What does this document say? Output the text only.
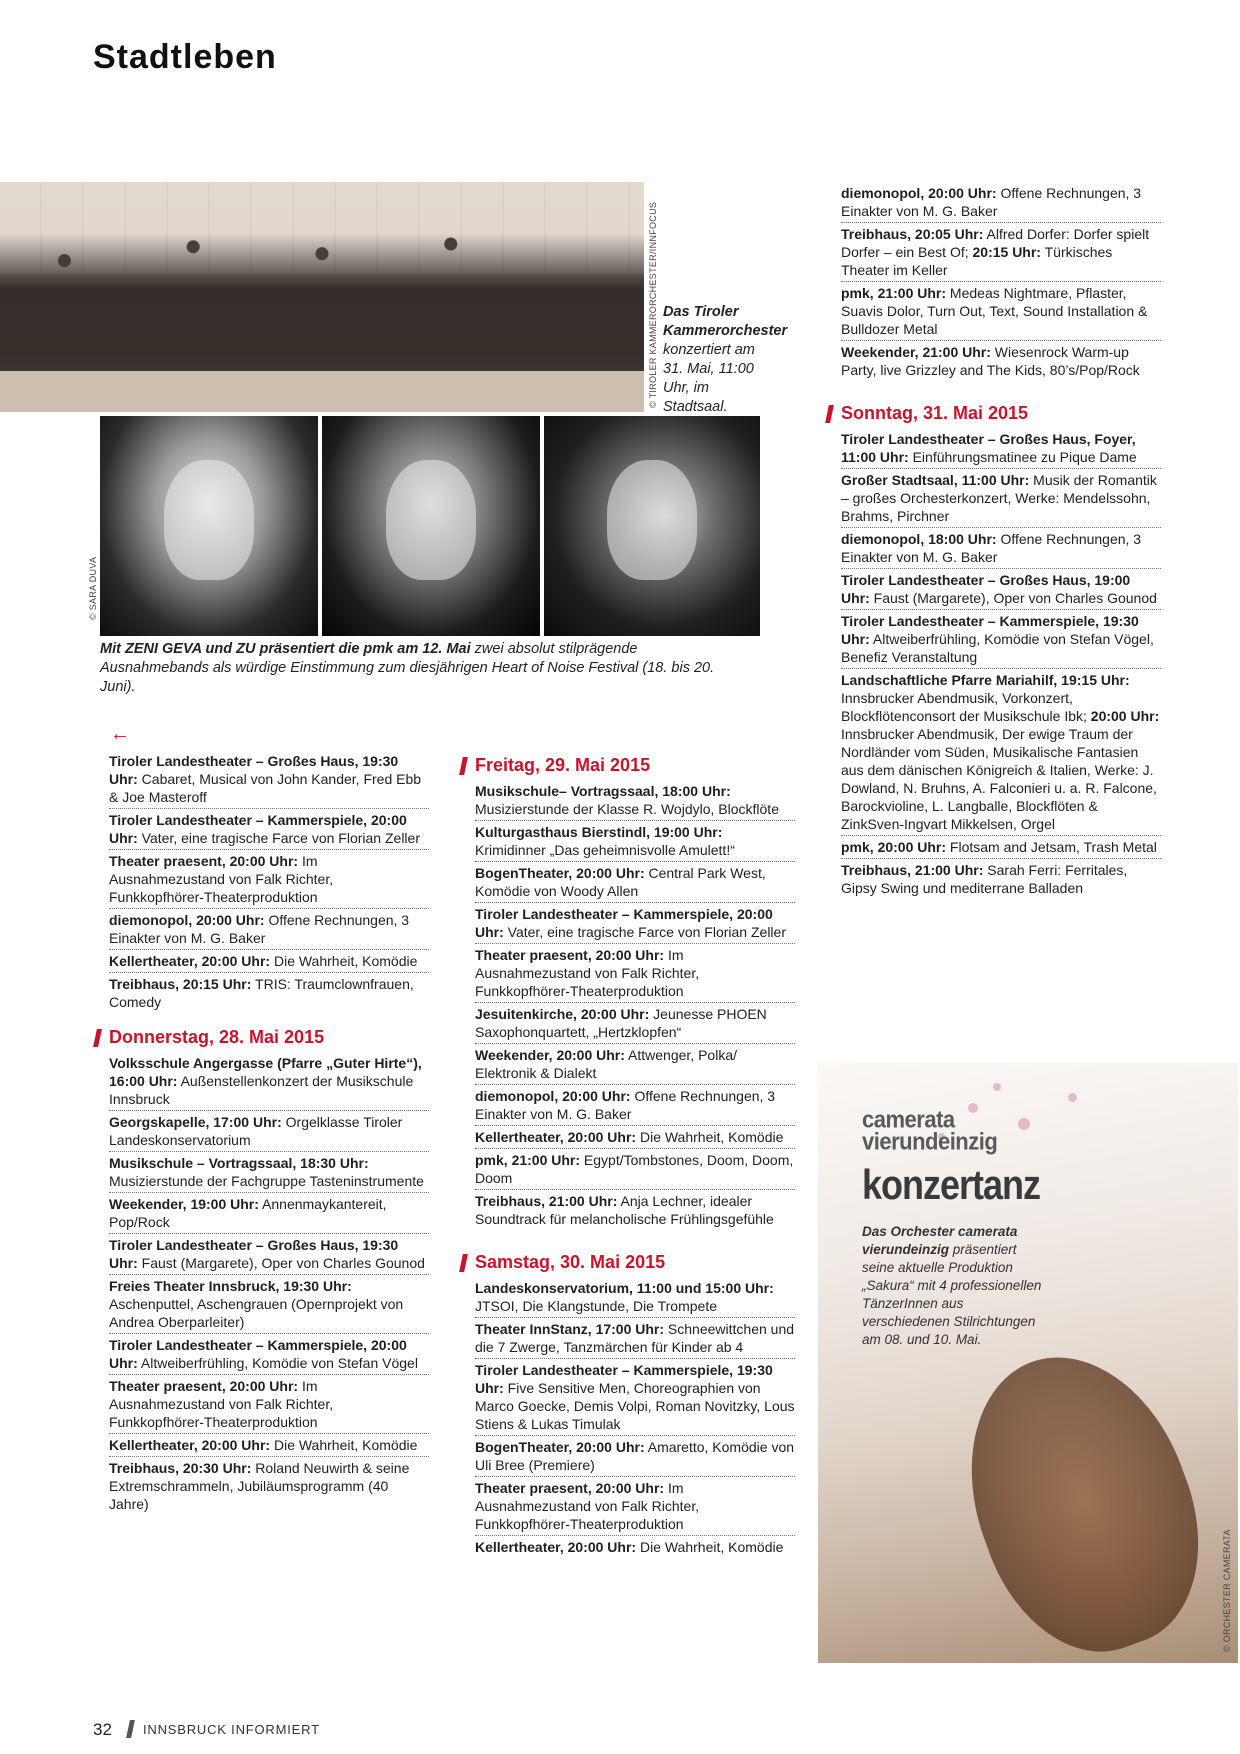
Stadtleben
© TIROLER KAMMERORCHESTER/INNFOCUS Das Tiroler Kammerorchester konzertiert am 31. Mai, 11:00 Uhr, im Stadtsaal.
© SARA DUVA
Mit ZENI GEVA und ZU präsentiert die pmk am 12. Mai zwei absolut stilprägende Ausnahmebands als würdige Einstimmung zum diesjährigen Heart of Noise Festival (18. bis 20. Juni).
←
Tiroler Landestheater – Großes Haus, 19:30 Uhr: Cabaret, Musical von John Kander, Fred Ebb & Joe Masteroff
Tiroler Landestheater – Kammerspiele, 20:00 Uhr: Vater, eine tragische Farce von Florian Zeller
Theater praesent, 20:00 Uhr: Im Ausnahmezustand von Falk Richter, Funkkopfhörer-Theaterproduktion
diemonopol, 20:00 Uhr: Offene Rechnungen, 3 Einakter von M. G. Baker
Kellertheater, 20:00 Uhr: Die Wahrheit, Komödie
Treibhaus, 20:15 Uhr: TRIS: Traumclownfrauen, Comedy
Donnerstag, 28. Mai 2015
Volksschule Angergasse (Pfarre „Guter Hirte“), 16:00 Uhr: Außenstellenkonzert der Musikschule Innsbruck
Georgskapelle, 17:00 Uhr: Orgelklasse Tiroler Landeskonservatorium
Musikschule – Vortragssaal, 18:30 Uhr: Musizierstunde der Fachgruppe Tasteninstrumente
Weekender, 19:00 Uhr: Annenmaykantereit, Pop/Rock
Tiroler Landestheater – Großes Haus, 19:30 Uhr: Faust (Margarete), Oper von Charles Gounod
Freies Theater Innsbruck, 19:30 Uhr: Aschenputtel, Aschengrauen (Opernprojekt von Andrea Oberparleiter)
Tiroler Landestheater – Kammerspiele, 20:00 Uhr: Altweiberfrühling, Komödie von Stefan Vögel
Theater praesent, 20:00 Uhr: Im Ausnahmezustand von Falk Richter, Funkkopfhörer-Theaterproduktion
Kellertheater, 20:00 Uhr: Die Wahrheit, Komödie
Treibhaus, 20:30 Uhr: Roland Neuwirth & seine Extremschrammeln, Jubiläumsprogramm (40 Jahre)
Freitag, 29. Mai 2015
Musikschule– Vortragssaal, 18:00 Uhr: Musizierstunde der Klasse R. Wojdylo, Blockflöte
Kulturgasthaus Bierstindl, 19:00 Uhr: Krimidinner „Das geheimnisvolle Amulett!“
BogenTheater, 20:00 Uhr: Central Park West, Komödie von Woody Allen
Tiroler Landestheater – Kammerspiele, 20:00 Uhr: Vater, eine tragische Farce von Florian Zeller
Theater praesent, 20:00 Uhr: Im Ausnahmezustand von Falk Richter, Funkkopfhörer-Theaterproduktion
Jesuitenkirche, 20:00 Uhr: Jeunesse PHOEN Saxophonquartett, „Hertzklopfen“
Weekender, 20:00 Uhr: Attwenger, Polka/ Elektronik & Dialekt
diemonopol, 20:00 Uhr: Offene Rechnungen, 3 Einakter von M. G. Baker
Kellertheater, 20:00 Uhr: Die Wahrheit, Komödie
pmk, 21:00 Uhr: Egypt/Tombstones, Doom, Doom, Doom
Treibhaus, 21:00 Uhr: Anja Lechner, idealer Soundtrack für melancholische Frühlingsgefühle
Samstag, 30. Mai 2015
Landeskonservatorium, 11:00 und 15:00 Uhr: JTSOI, Die Klangstunde, Die Trompete
Theater InnStanz, 17:00 Uhr: Schneewittchen und die 7 Zwerge, Tanzmärchen für Kinder ab 4
Tiroler Landestheater – Kammerspiele, 19:30 Uhr: Five Sensitive Men, Choreographien von Marco Goecke, Demis Volpi, Roman Novitzky, Lous Stiens & Lukas Timulak
BogenTheater, 20:00 Uhr: Amaretto, Komödie von Uli Bree (Premiere)
Theater praesent, 20:00 Uhr: Im Ausnahmezustand von Falk Richter, Funkkopfhörer-Theaterproduktion
Kellertheater, 20:00 Uhr: Die Wahrheit, Komödie
diemonopol, 20:00 Uhr: Offene Rechnungen, 3 Einakter von M. G. Baker
Treibhaus, 20:05 Uhr: Alfred Dorfer: Dorfer spielt Dorfer – ein Best Of; 20:15 Uhr: Türkisches Theater im Keller
pmk, 21:00 Uhr: Medeas Nightmare, Pflaster, Suavis Dolor, Turn Out, Text, Sound Installation & Bulldozer Metal
Weekender, 21:00 Uhr: Wiesenrock Warm-up Party, live Grizzley and The Kids, 80’s/Pop/Rock
Sonntag, 31. Mai 2015
Tiroler Landestheater – Großes Haus, Foyer, 11:00 Uhr: Einführungsmatinee zu Pique Dame
Großer Stadtsaal, 11:00 Uhr: Musik der Romantik – großes Orchesterkonzert, Werke: Mendelssohn, Brahms, Pirchner
diemonopol, 18:00 Uhr: Offene Rechnungen, 3 Einakter von M. G. Baker
Tiroler Landestheater – Großes Haus, 19:00 Uhr: Faust (Margarete), Oper von Charles Gounod
Tiroler Landestheater – Kammerspiele, 19:30 Uhr: Altweiberfrühling, Komödie von Stefan Vögel, Benefiz Veranstaltung
Landschaftliche Pfarre Mariahilf, 19:15 Uhr: Innsbrucker Abendmusik, Vorkonzert, Blockflötenconsort der Musikschule Ibk; 20:00 Uhr: Innsbrucker Abendmusik, Der ewige Traum der Nordländer vom Süden, Musikalische Fantasien aus dem dänischen Königreich & Italien, Werke: J. Dowland, N. Bruhns, A. Falconieri u. a. R. Falcone, Barockvioline, L. Langballe, Blockflöten & ZinkSven-Ingvart Mikkelsen, Orgel
pmk, 20:00 Uhr: Flotsam and Jetsam, Trash Metal
Treibhaus, 21:00 Uhr: Sarah Ferri: Ferritales, Gipsy Swing und mediterrane Balladen
camerata
vierundeinzig
konzertanz
Das Orchester camerata vierundeinzig präsentiert seine aktuelle Produktion „Sakura“ mit 4 professionellen TänzerInnen aus verschiedenen Stilrichtungen am 08. und 10. Mai.
© ORCHESTER CAMERATA
32 INNSBRUCK INFORMIERT
